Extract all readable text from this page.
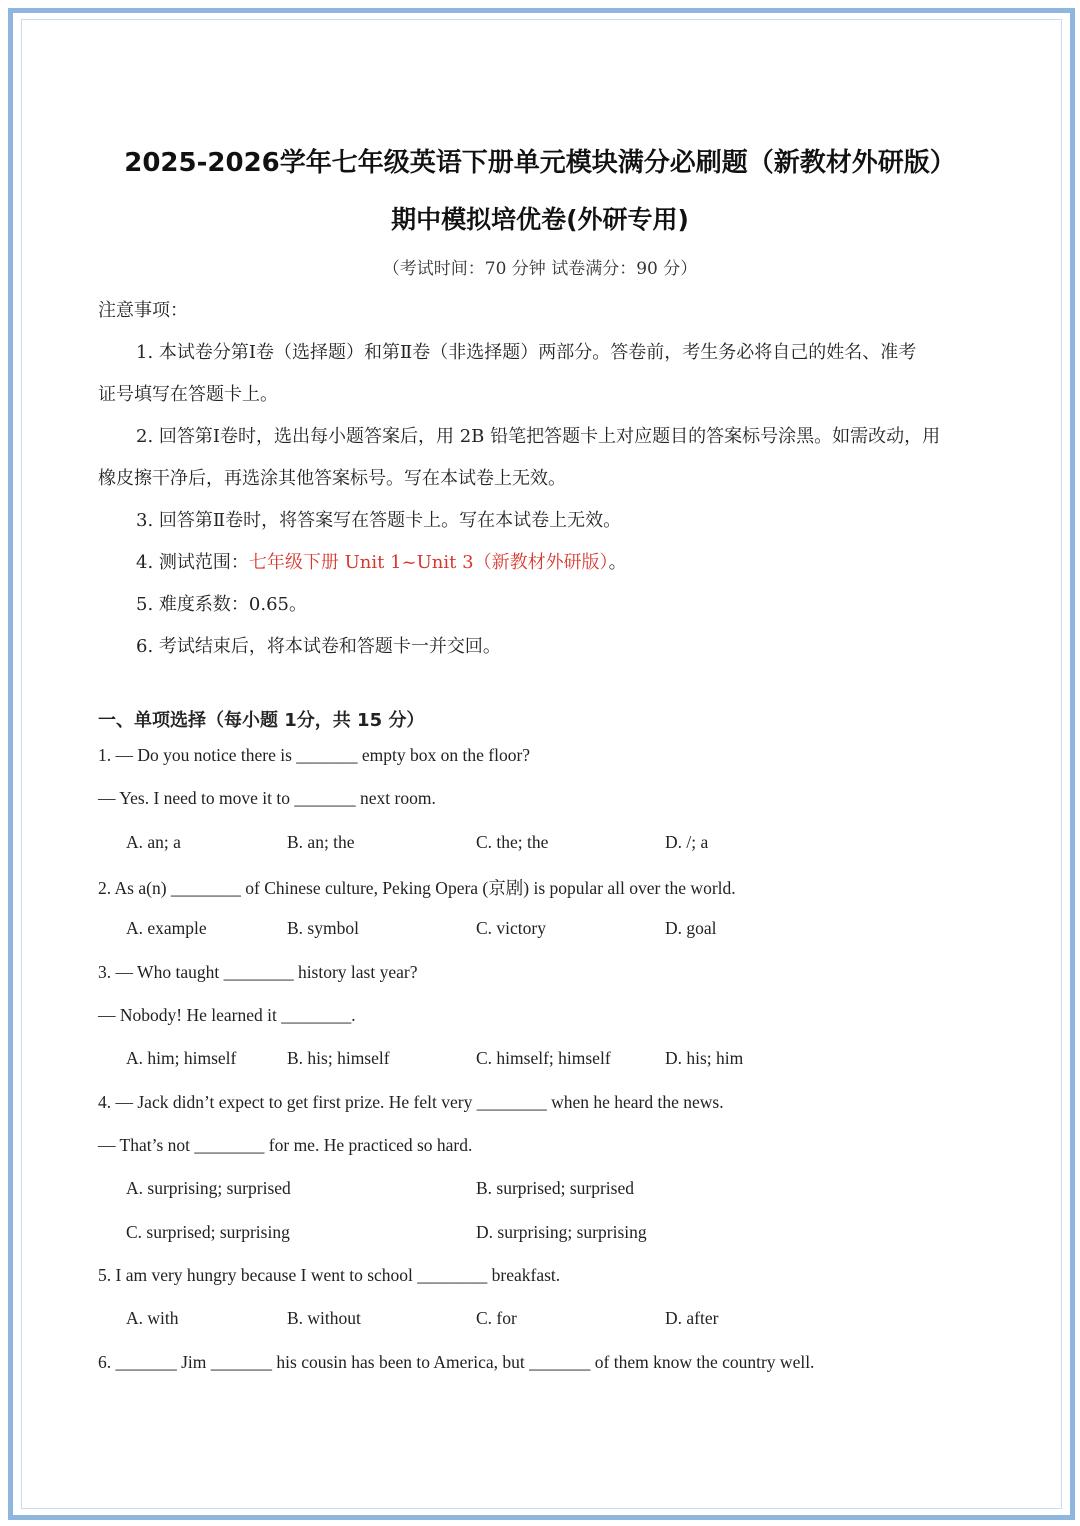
2025-2026学年七年级英语下册单元模块满分必刷题（新教材外研版）
期中模拟培优卷(外研专用)
（考试时间：70 分钟 试卷满分：90 分）
注意事项：
1. 本试卷分第Ⅰ卷（选择题）和第Ⅱ卷（非选择题）两部分。答卷前，考生务必将自己的姓名、准考
证号填写在答题卡上。
2. 回答第Ⅰ卷时，选出每小题答案后，用 2B 铅笔把答题卡上对应题目的答案标号涂黑。如需改动，用
橡皮擦干净后，再选涂其他答案标号。写在本试卷上无效。
3. 回答第Ⅱ卷时，将答案写在答题卡上。写在本试卷上无效。
4. 测试范围：七年级下册 Unit 1~Unit 3（新教材外研版）。
5. 难度系数：0.65。
6. 考试结束后，将本试卷和答题卡一并交回。
一、单项选择（每小题 1分，共 15 分）
1. — Do you notice there is _______ empty box on the floor?
— Yes. I need to move it to _______ next room.
A. an; a	B. an; the	C. the; the	D. /; a
2. As a(n) ________ of Chinese culture, Peking Opera (京剧) is popular all over the world.
A. example	B. symbol	C. victory	D. goal
3. — Who taught ________ history last year?
— Nobody! He learned it ________.
A. him; himself	B. his; himself	C. himself; himself	D. his; him
4. — Jack didn’t expect to get first prize. He felt very ________ when he heard the news.
— That’s not ________ for me. He practiced so hard.
A. surprising; surprised	B. surprised; surprised
C. surprised; surprising	D. surprising; surprising
5. I am very hungry because I went to school ________ breakfast.
A. with	B. without	C. for	D. after
6. _______ Jim _______ his cousin has been to America, but _______ of them know the country well.
